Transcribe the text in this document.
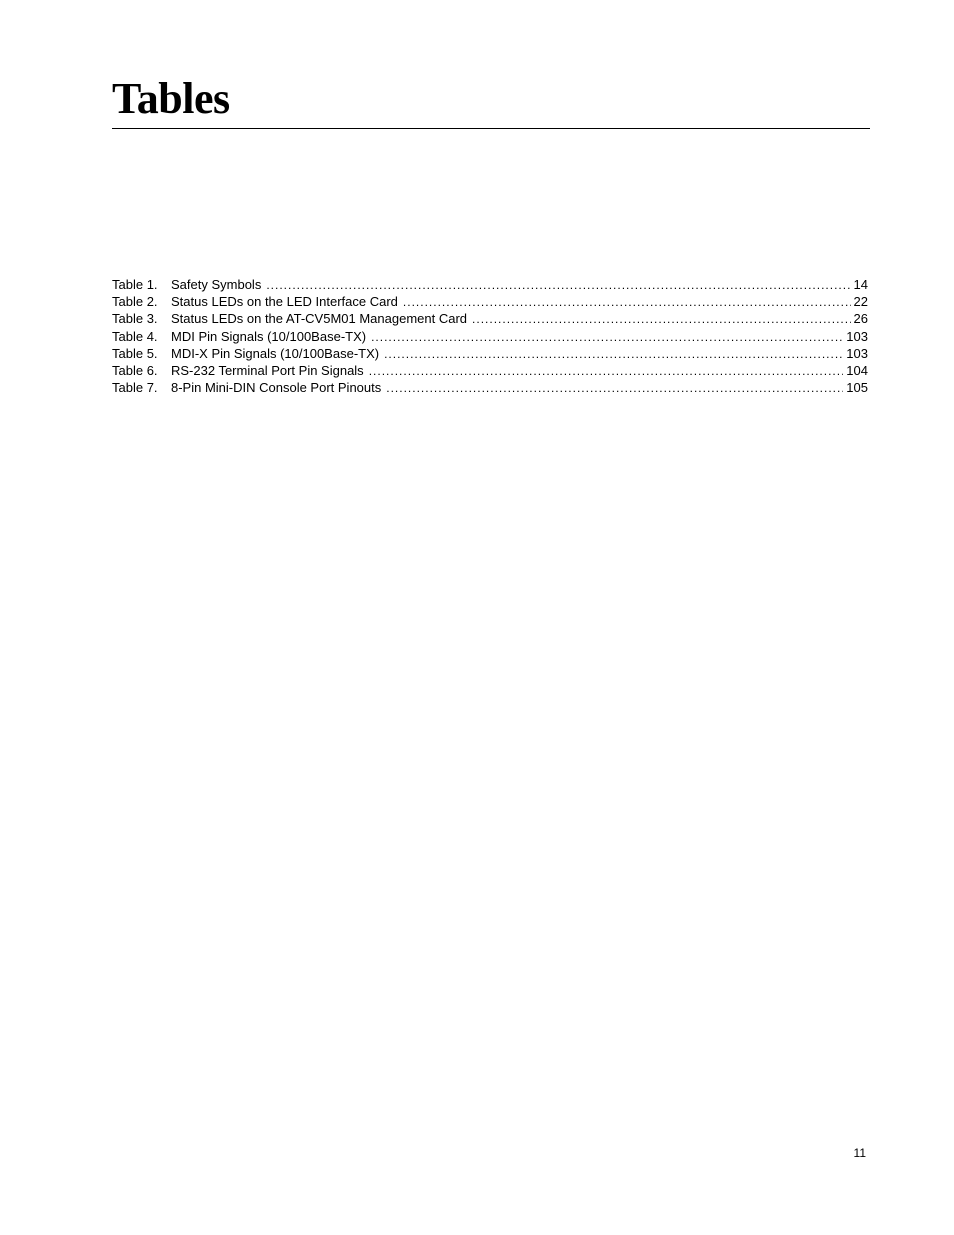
Tables
Table 1. Safety Symbols .....	14
Table 2. Status LEDs on the LED Interface Card .....	22
Table 3. Status LEDs on the AT-CV5M01 Management Card .....	26
Table 4. MDI Pin Signals (10/100Base-TX) .....	103
Table 5. MDI-X Pin Signals (10/100Base-TX) .....	103
Table 6. RS-232 Terminal Port Pin Signals .....	104
Table 7. 8-Pin Mini-DIN Console Port Pinouts .....	105
11
